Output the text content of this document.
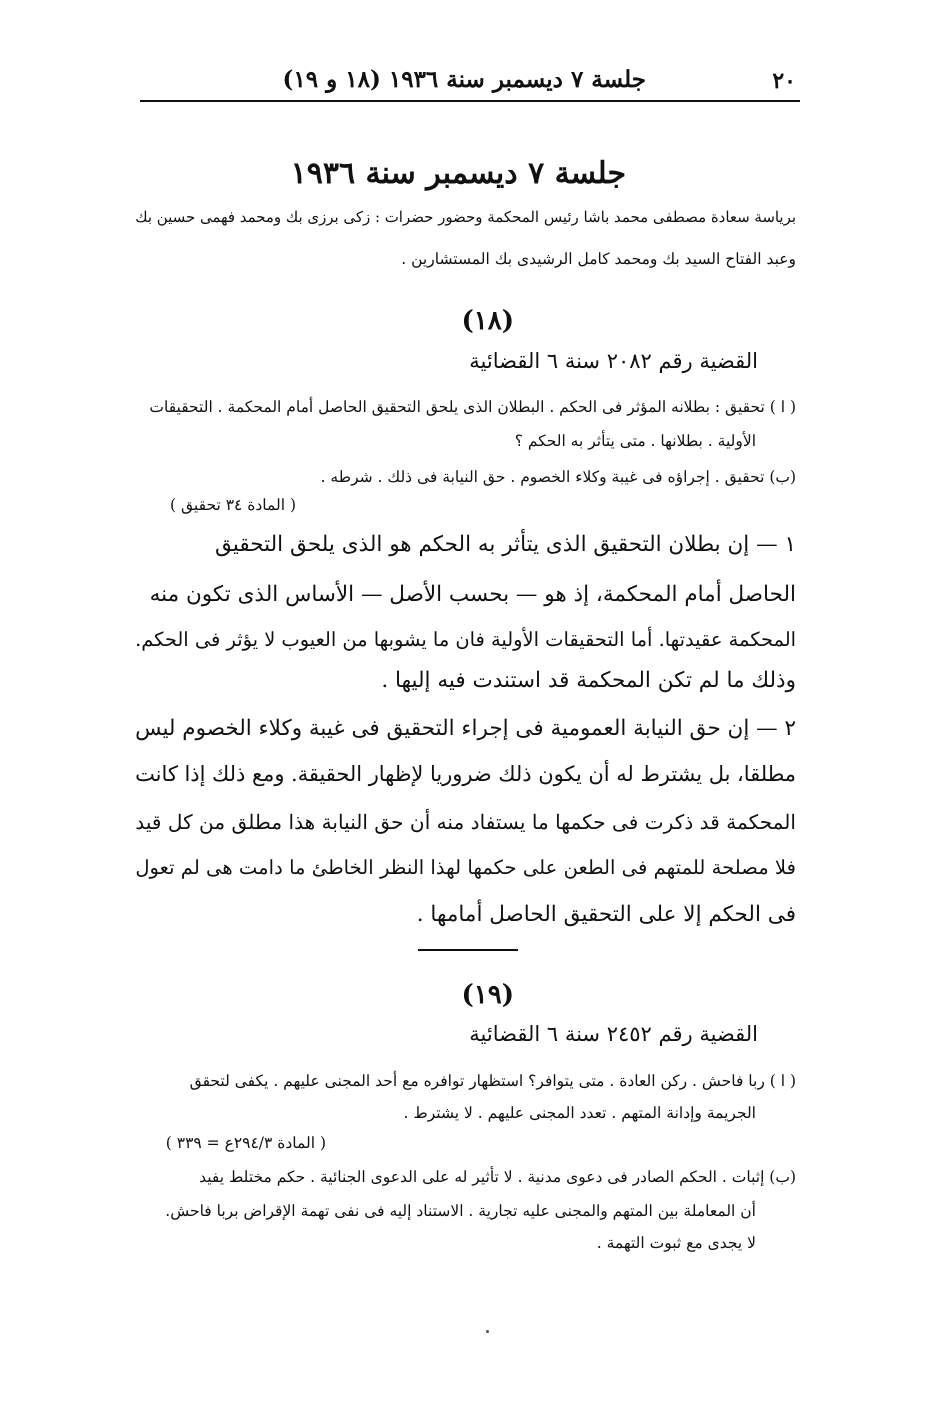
٢٠
جلسة ٧ ديسمبر سنة ١٩٣٦ (١٨ و ١٩)
جلسة ٧ ديسمبر سنة ١٩٣٦
برياسة سعادة مصطفى محمد باشا رئيس المحكمة وحضور حضرات : زكى برزى بك ومحمد فهمى حسين بك
وعبد الفتاح السيد بك ومحمد كامل الرشيدى بك المستشارين .
(١٨)
القضية رقم ٢٠٨٢ سنة ٦ القضائية
( ا ) تحقيق : بطلانه المؤثر فى الحكم . البطلان الذى يلحق التحقيق الحاصل أمام المحكمة . التحقيقات
الأولية . بطلانها . متى يتأثر به الحكم ؟
(ب) تحقيق . إجراؤه فى غيبة وكلاء الخصوم . حق النيابة فى ذلك . شرطه .
( المادة ٣٤ تحقيق )
١ — إن بطلان التحقيق الذى يتأثر به الحكم هو الذى يلحق التحقيق
الحاصل أمام المحكمة، إذ هو — بحسب الأصل — الأساس الذى تكون منه
المحكمة عقيدتها. أما التحقيقات الأولية فان ما يشوبها من العيوب لا يؤثر فى الحكم.
وذلك ما لم تكن المحكمة قد استندت فيه إليها .
٢ — إن حق النيابة العمومية فى إجراء التحقيق فى غيبة وكلاء الخصوم ليس
مطلقا، بل يشترط له أن يكون ذلك ضروريا لإظهار الحقيقة. ومع ذلك إذا كانت
المحكمة قد ذكرت فى حكمها ما يستفاد منه أن حق النيابة هذا مطلق من كل قيد
فلا مصلحة للمتهم فى الطعن على حكمها لهذا النظر الخاطئ ما دامت هى لم تعول
فى الحكم إلا على التحقيق الحاصل أمامها .
(١٩)
القضية رقم ٢٤٥٢ سنة ٦ القضائية
( ا ) ربا فاحش . ركن العادة . متى يتوافر؟ استظهار توافره مع أحد المجنى عليهم . يكفى لتحقق
الجريمة وإدانة المتهم . تعدد المجنى عليهم . لا يشترط .
( المادة ٢٩٤/٣ع = ٣٣٩ )
(ب) إثبات . الحكم الصادر فى دعوى مدنية . لا تأثير له على الدعوى الجنائية . حكم مختلط يفيد
أن المعاملة بين المتهم والمجنى عليه تجارية . الاستناد إليه فى نفى تهمة الإقراض بربا فاحش.
لا يجدى مع ثبوت التهمة .
